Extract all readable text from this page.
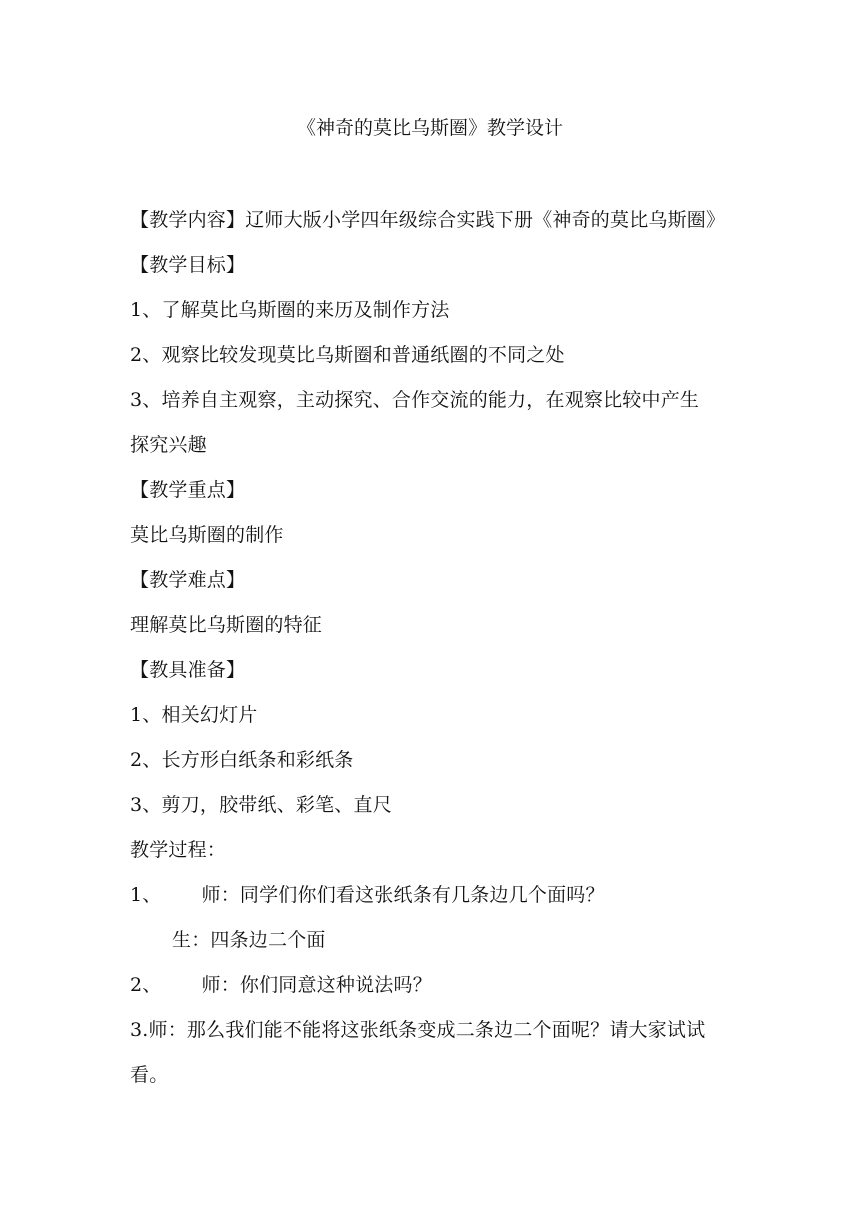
《神奇的莫比乌斯圈》教学设计
【教学内容】辽师大版小学四年级综合实践下册《神奇的莫比乌斯圈》
【教学目标】
1、了解莫比乌斯圈的来历及制作方法
2、观察比较发现莫比乌斯圈和普通纸圈的不同之处
3、培养自主观察，主动探究、合作交流的能力，在观察比较中产生
探究兴趣
【教学重点】
莫比乌斯圈的制作
【教学难点】
理解莫比乌斯圈的特征
【教具准备】
1、相关幻灯片
2、长方形白纸条和彩纸条
3、剪刀，胶带纸、彩笔、直尺
教学过程：
1、 师：同学们你们看这张纸条有几条边几个面吗？
生：四条边二个面
2、 师：你们同意这种说法吗？
3.师：那么我们能不能将这张纸条变成二条边二个面呢？请大家试试
看。
